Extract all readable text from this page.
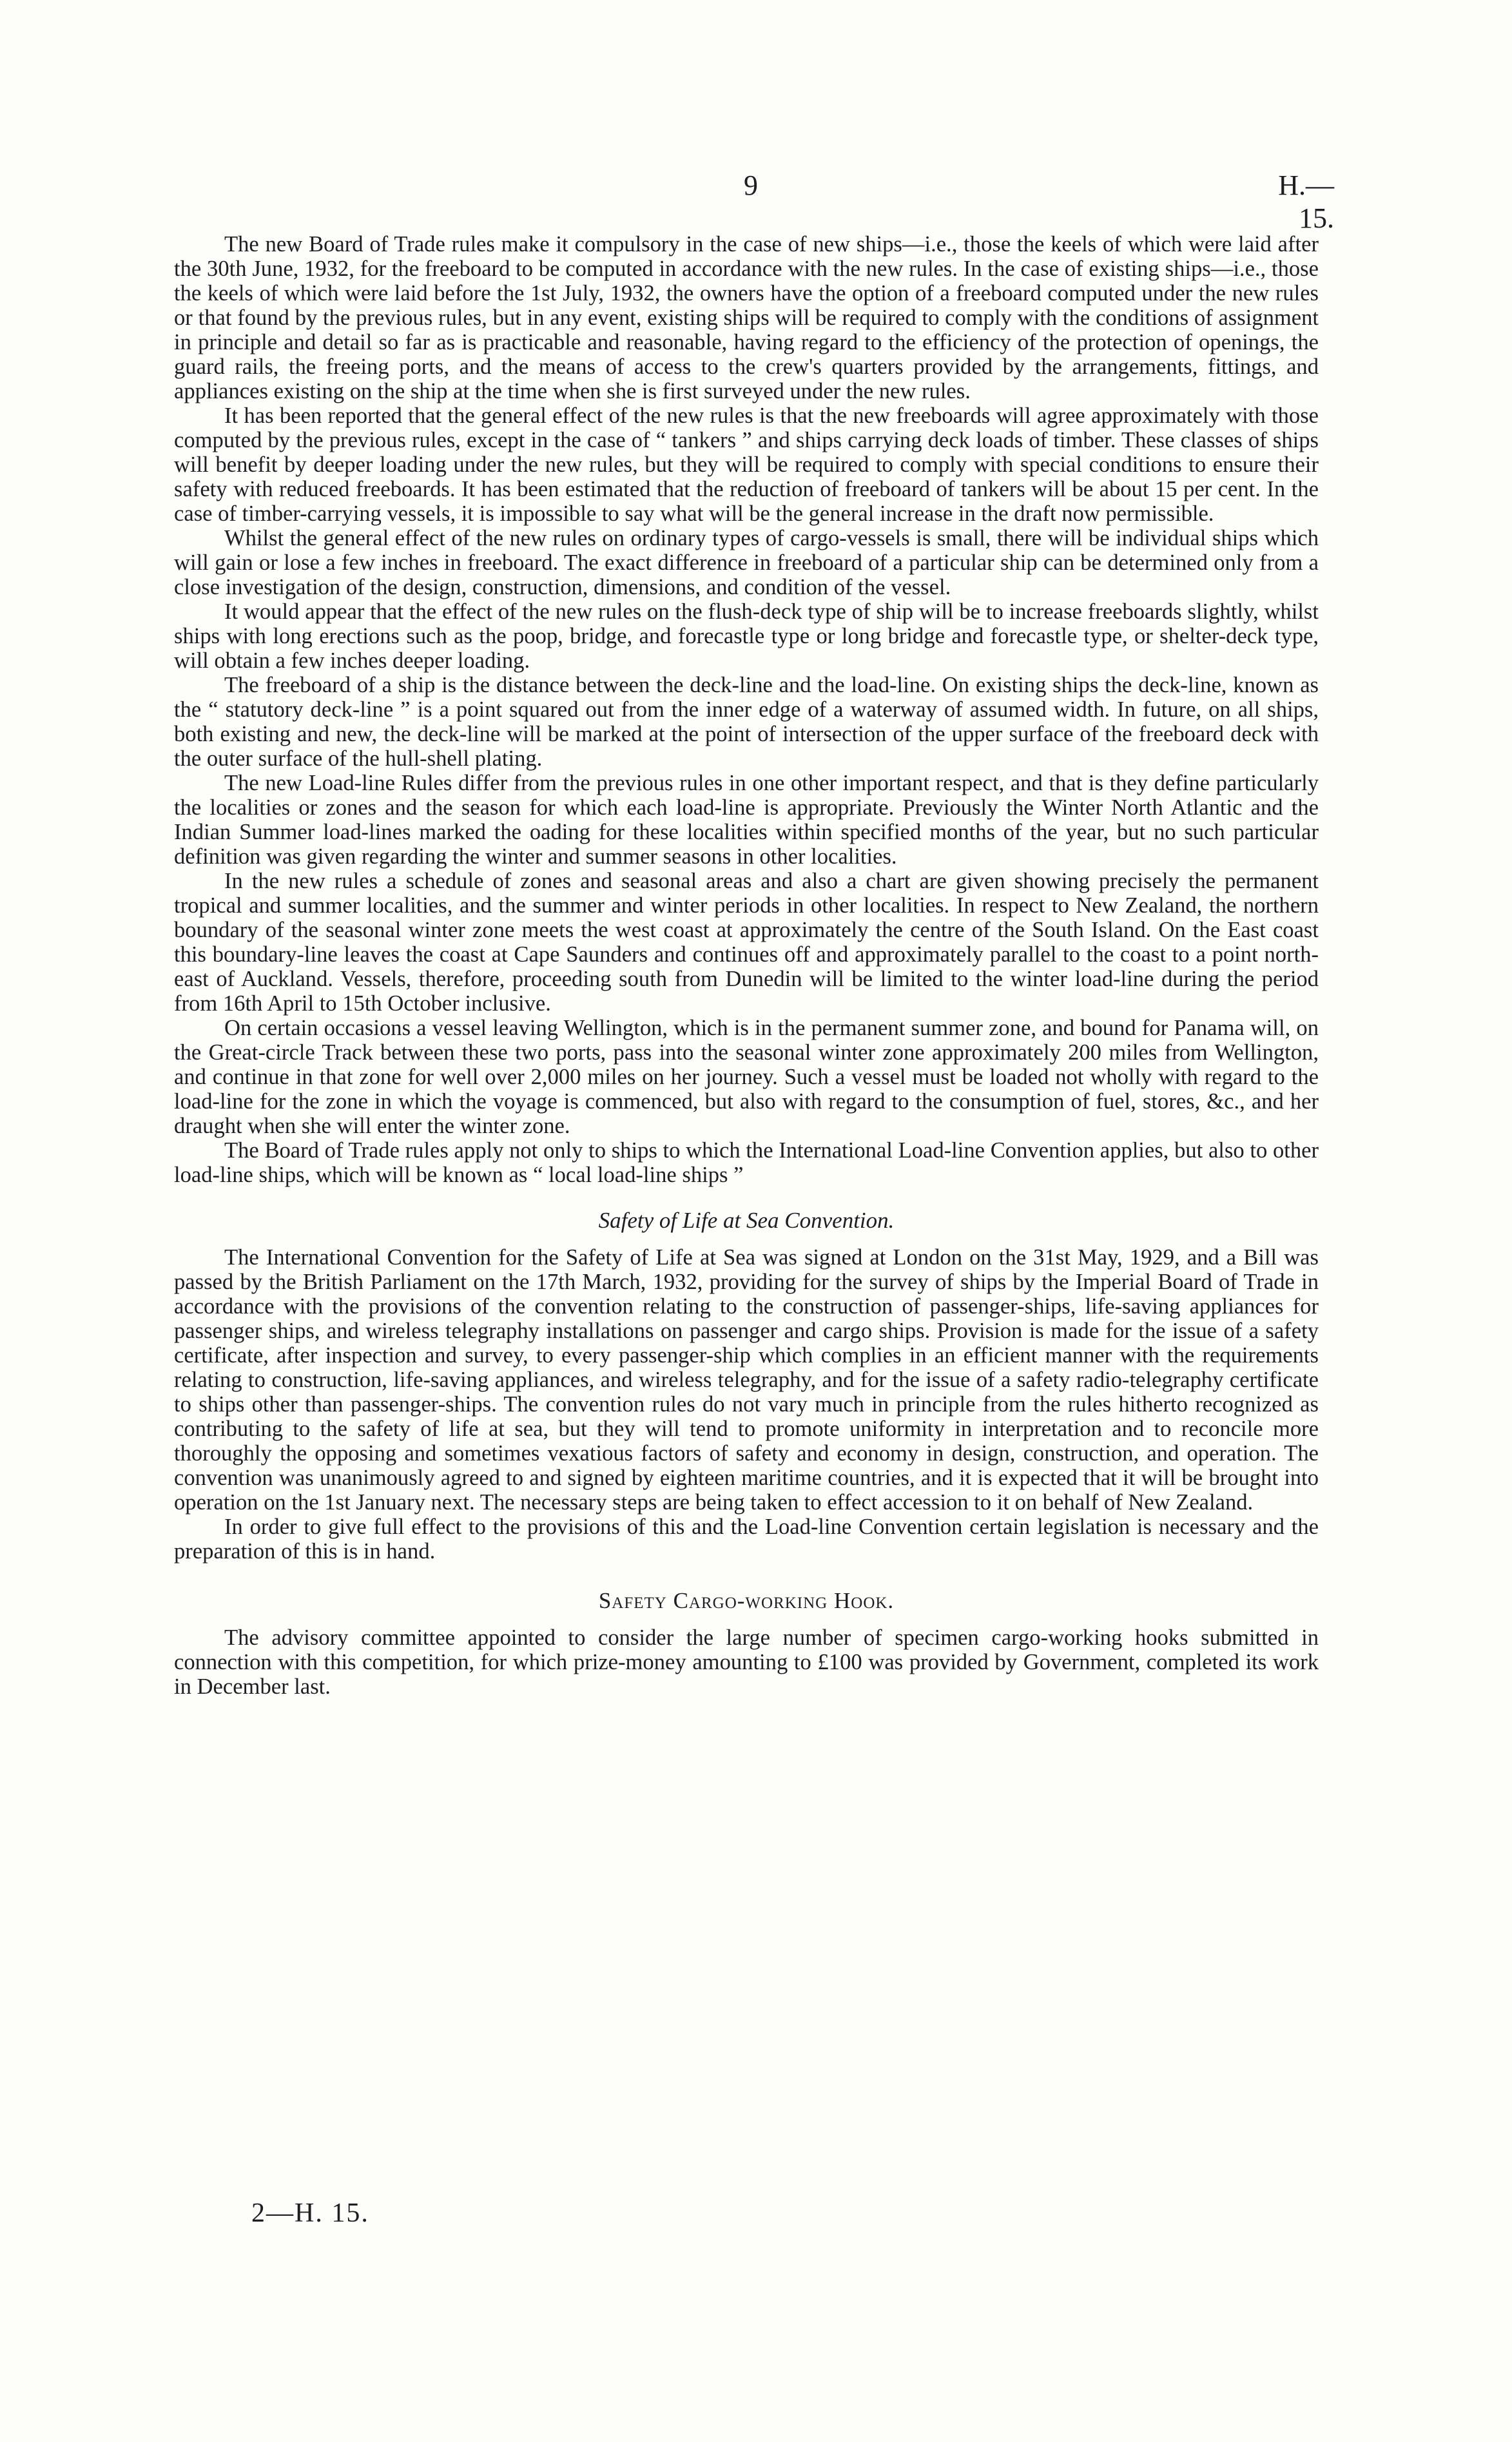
9	H.—15.

The new Board of Trade rules make it compulsory in the case of new ships—i.e., those the keels of which were laid after the 30th June, 1932, for the freeboard to be computed in accordance with the new rules. In the case of existing ships—i.e., those the keels of which were laid before the 1st July, 1932, the owners have the option of a freeboard computed under the new rules or that found by the previous rules, but in any event, existing ships will be required to comply with the conditions of assignment in principle and detail so far as is practicable and reasonable, having regard to the efficiency of the protection of openings, the guard rails, the freeing ports, and the means of access to the crew's quarters provided by the arrangements, fittings, and appliances existing on the ship at the time when she is first surveyed under the new rules.

It has been reported that the general effect of the new rules is that the new freeboards will agree approximately with those computed by the previous rules, except in the case of “ tankers ” and ships carrying deck loads of timber. These classes of ships will benefit by deeper loading under the new rules, but they will be required to comply with special conditions to ensure their safety with reduced freeboards. It has been estimated that the reduction of freeboard of tankers will be about 15 per cent. In the case of timber-carrying vessels, it is impossible to say what will be the general increase in the draft now permissible.

Whilst the general effect of the new rules on ordinary types of cargo-vessels is small, there will be individual ships which will gain or lose a few inches in freeboard. The exact difference in freeboard of a particular ship can be determined only from a close investigation of the design, construction, dimensions, and condition of the vessel.

It would appear that the effect of the new rules on the flush-deck type of ship will be to increase freeboards slightly, whilst ships with long erections such as the poop, bridge, and forecastle type or long bridge and forecastle type, or shelter-deck type, will obtain a few inches deeper loading.

The freeboard of a ship is the distance between the deck-line and the load-line. On existing ships the deck-line, known as the “ statutory deck-line ” is a point squared out from the inner edge of a waterway of assumed width. In future, on all ships, both existing and new, the deck-line will be marked at the point of intersection of the upper surface of the freeboard deck with the outer surface of the hull-shell plating.

The new Load-line Rules differ from the previous rules in one other important respect, and that is they define particularly the localities or zones and the season for which each load-line is appropriate. Previously the Winter North Atlantic and the Indian Summer load-lines marked the oading for these localities within specified months of the year, but no such particular definition was given regarding the winter and summer seasons in other localities.

In the new rules a schedule of zones and seasonal areas and also a chart are given showing precisely the permanent tropical and summer localities, and the summer and winter periods in other localities. In respect to New Zealand, the northern boundary of the seasonal winter zone meets the west coast at approximately the centre of the South Island. On the East coast this boundary-line leaves the coast at Cape Saunders and continues off and approximately parallel to the coast to a point north-east of Auckland. Vessels, therefore, proceeding south from Dunedin will be limited to the winter load-line during the period from 16th April to 15th October inclusive.

On certain occasions a vessel leaving Wellington, which is in the permanent summer zone, and bound for Panama will, on the Great-circle Track between these two ports, pass into the seasonal winter zone approximately 200 miles from Wellington, and continue in that zone for well over 2,000 miles on her journey. Such a vessel must be loaded not wholly with regard to the load-line for the zone in which the voyage is commenced, but also with regard to the consumption of fuel, stores, &c., and her draught when she will enter the winter zone.

The Board of Trade rules apply not only to ships to which the International Load-line Convention applies, but also to other load-line ships, which will be known as “ local load-line ships ”

Safety of Life at Sea Convention.

The International Convention for the Safety of Life at Sea was signed at London on the 31st May, 1929, and a Bill was passed by the British Parliament on the 17th March, 1932, providing for the survey of ships by the Imperial Board of Trade in accordance with the provisions of the convention relating to the construction of passenger-ships, life-saving appliances for passenger ships, and wireless telegraphy installations on passenger and cargo ships. Provision is made for the issue of a safety certificate, after inspection and survey, to every passenger-ship which complies in an efficient manner with the requirements relating to construction, life-saving appliances, and wireless telegraphy, and for the issue of a safety radio-telegraphy certificate to ships other than passenger-ships. The convention rules do not vary much in principle from the rules hitherto recognized as contributing to the safety of life at sea, but they will tend to promote uniformity in interpretation and to reconcile more thoroughly the opposing and sometimes vexatious factors of safety and economy in design, construction, and operation. The convention was unanimously agreed to and signed by eighteen maritime countries, and it is expected that it will be brought into operation on the 1st January next. The necessary steps are being taken to effect accession to it on behalf of New Zealand.

In order to give full effect to the provisions of this and the Load-line Convention certain legislation is necessary and the preparation of this is in hand.

Safety Cargo-working Hook.

The advisory committee appointed to consider the large number of specimen cargo-working hooks submitted in connection with this competition, for which prize-money amounting to £100 was provided by Government, completed its work in December last.

2—H. 15.
